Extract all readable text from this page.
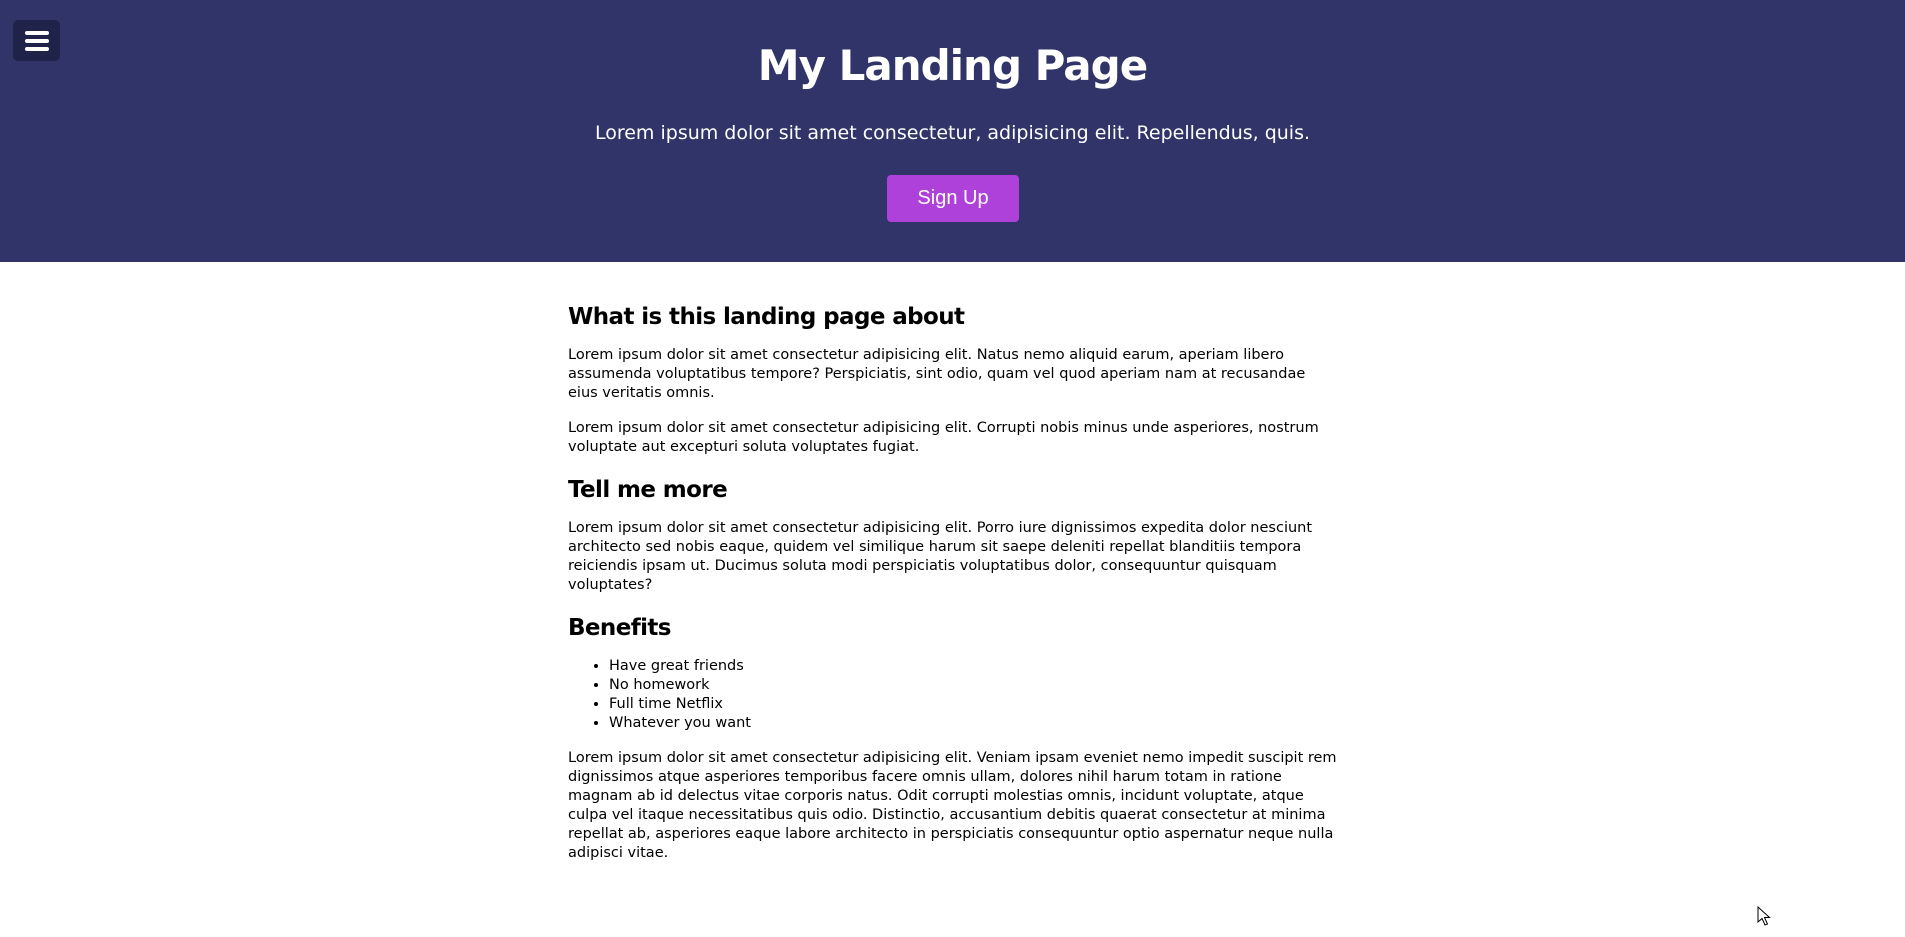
My Landing Page

Lorem ipsum dolor sit amet consectetur, adipisicing elit. Repellendus, quis.

Sign Up
What is this landing page about

Lorem ipsum dolor sit amet consectetur adipisicing elit. Natus nemo aliquid earum, aperiam libero assumenda voluptatibus tempore? Perspiciatis, sint odio, quam vel quod aperiam nam at recusandae eius veritatis omnis.

Lorem ipsum dolor sit amet consectetur adipisicing elit. Corrupti nobis minus unde asperiores, nostrum voluptate aut excepturi soluta voluptates fugiat.

Tell me more

Lorem ipsum dolor sit amet consectetur adipisicing elit. Porro iure dignissimos expedita dolor nesciunt architecto sed nobis eaque, quidem vel similique harum sit saepe deleniti repellat blanditiis tempora reiciendis ipsam ut. Ducimus soluta modi perspiciatis voluptatibus dolor, consequuntur quisquam voluptates?

Benefits
• Have great friends
• No homework
• Full time Netflix
• Whatever you want

Lorem ipsum dolor sit amet consectetur adipisicing elit. Veniam ipsam eveniet nemo impedit suscipit rem dignissimos atque asperiores temporibus facere omnis ullam, dolores nihil harum totam in ratione magnam ab id delectus vitae corporis natus. Odit corrupti molestias omnis, incidunt voluptate, atque culpa vel itaque necessitatibus quis odio. Distinctio, accusantium debitis quaerat consectetur at minima repellat ab, asperiores eaque labore architecto in perspiciatis consequuntur optio aspernatur neque nulla adipisci vitae.
